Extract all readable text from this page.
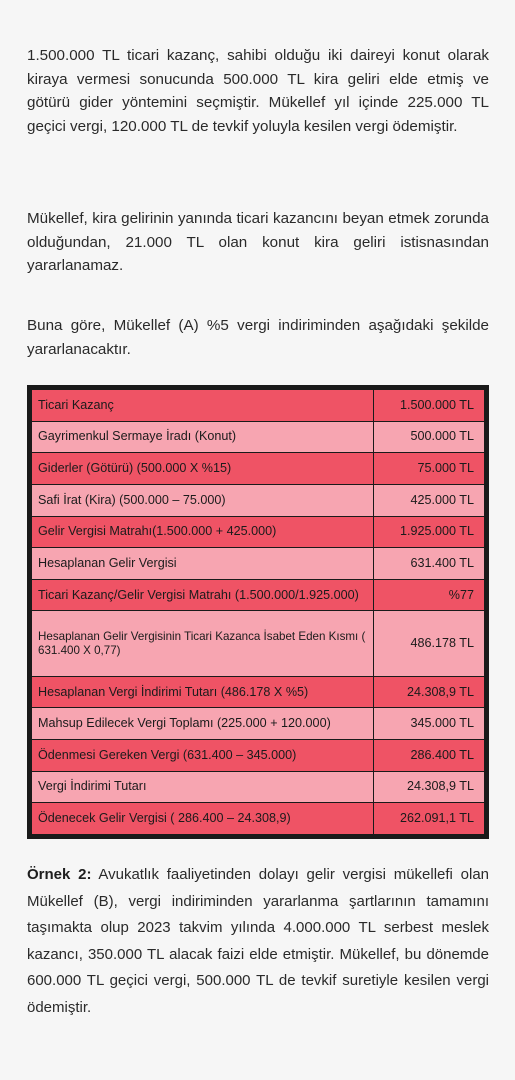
1.500.000 TL ticari kazanç, sahibi olduğu iki daireyi konut olarak kiraya vermesi sonucunda 500.000 TL kira geliri elde etmiş ve götürü gider yöntemini seçmiştir. Mükellef yıl içinde 225.000 TL geçici vergi, 120.000 TL de tevkif yoluyla kesilen vergi ödemiştir.

Mükellef, kira gelirinin yanında ticari kazancını beyan etmek zorunda olduğundan, 21.000 TL olan konut kira geliri istisnasından yararlanamaz.

Buna göre, Mükellef (A) %5 vergi indiriminden aşağıdaki şekilde yararlanacaktır.

Ticari Kazanç	1.500.000 TL
Gayrimenkul Sermaye İradı (Konut)	500.000 TL
Giderler (Götürü) (500.000 X %15)	75.000 TL
Safi İrat (Kira) (500.000 – 75.000)	425.000 TL
Gelir Vergisi Matrahı(1.500.000 + 425.000)	1.925.000 TL
Hesaplanan Gelir Vergisi	631.400 TL
Ticari Kazanç/Gelir Vergisi Matrahı (1.500.000/1.925.000)	%77
Hesaplanan Gelir Vergisinin Ticari Kazanca İsabet Eden Kısmı ( 631.400 X 0,77)	486.178 TL
Hesaplanan Vergi İndirimi Tutarı (486.178 X %5)	24.308,9 TL
Mahsup Edilecek Vergi Toplamı (225.000 + 120.000)	345.000 TL
Ödenmesi Gereken Vergi (631.400 – 345.000)	286.400 TL
Vergi İndirimi Tutarı	24.308,9 TL
Ödenecek Gelir Vergisi ( 286.400 – 24.308,9)	262.091,1 TL

Örnek 2: Avukatlık faaliyetinden dolayı gelir vergisi mükellefi olan Mükellef (B), vergi indiriminden yararlanma şartlarının tamamını taşımakta olup 2023 takvim yılında 4.000.000 TL serbest meslek kazancı, 350.000 TL alacak faizi elde etmiştir. Mükellef, bu dönemde 600.000 TL geçici vergi, 500.000 TL de tevkif suretiyle kesilen vergi ödemiştir.
